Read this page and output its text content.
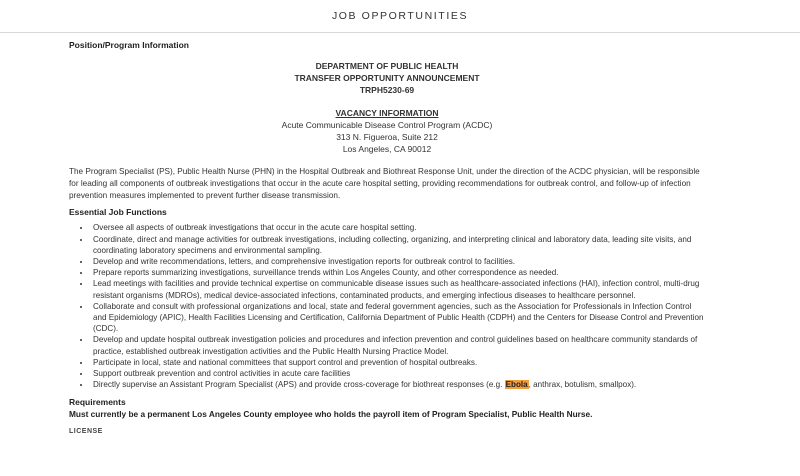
JOB OPPORTUNITIES
Position/Program Information
DEPARTMENT OF PUBLIC HEALTH
TRANSFER OPPORTUNITY ANNOUNCEMENT
TRPH5230-69
VACANCY INFORMATION
Acute Communicable Disease Control Program (ACDC)
313 N. Figueroa, Suite 212
Los Angeles, CA 90012

The Program Specialist (PS), Public Health Nurse (PHN) in the Hospital Outbreak and Biothreat Response Unit, under the direction of the ACDC physician, will be responsible for leading all components of outbreak investigations that occur in the acute care hospital setting, providing recommendations for outbreak control, and follow-up of infection prevention measures implemented to prevent further disease transmission.

Essential Job Functions
• Oversee all aspects of outbreak investigations that occur in the acute care hospital setting.
• Coordinate, direct and manage activities for outbreak investigations, including collecting, organizing, and interpreting clinical and laboratory data, leading site visits, and coordinating laboratory specimens and environmental sampling.
• Develop and write recommendations, letters, and comprehensive investigation reports for outbreak control to facilities.
• Prepare reports summarizing investigations, surveillance trends within Los Angeles County, and other correspondence as needed.
• Lead meetings with facilities and provide technical expertise on communicable disease issues such as healthcare-associated infections (HAI), infection control, multi-drug resistant organisms (MDROs), medical device-associated infections, contaminated products, and emerging infectious diseases to healthcare personnel.
• Collaborate and consult with professional organizations and local, state and federal government agencies, such as the Association for Professionals in Infection Control and Epidemiology (APIC), Health Facilities Licensing and Certification, California Department of Public Health (CDPH) and the Centers for Disease Control and Prevention (CDC).
• Develop and update hospital outbreak investigation policies and procedures and infection prevention and control guidelines based on healthcare community standards of practice, established outbreak investigation activities and the Public Health Nursing Practice Model.
• Participate in local, state and national committees that support control and prevention of hospital outbreaks.
• Support outbreak prevention and control activities in acute care facilities
• Directly supervise an Assistant Program Specialist (APS) and provide cross-coverage for biothreat responses (e.g. Ebola, anthrax, botulism, smallpox).
Requirements
Must currently be a permanent Los Angeles County employee who holds the payroll item of Program Specialist, Public Health Nurse.
LICENSE
